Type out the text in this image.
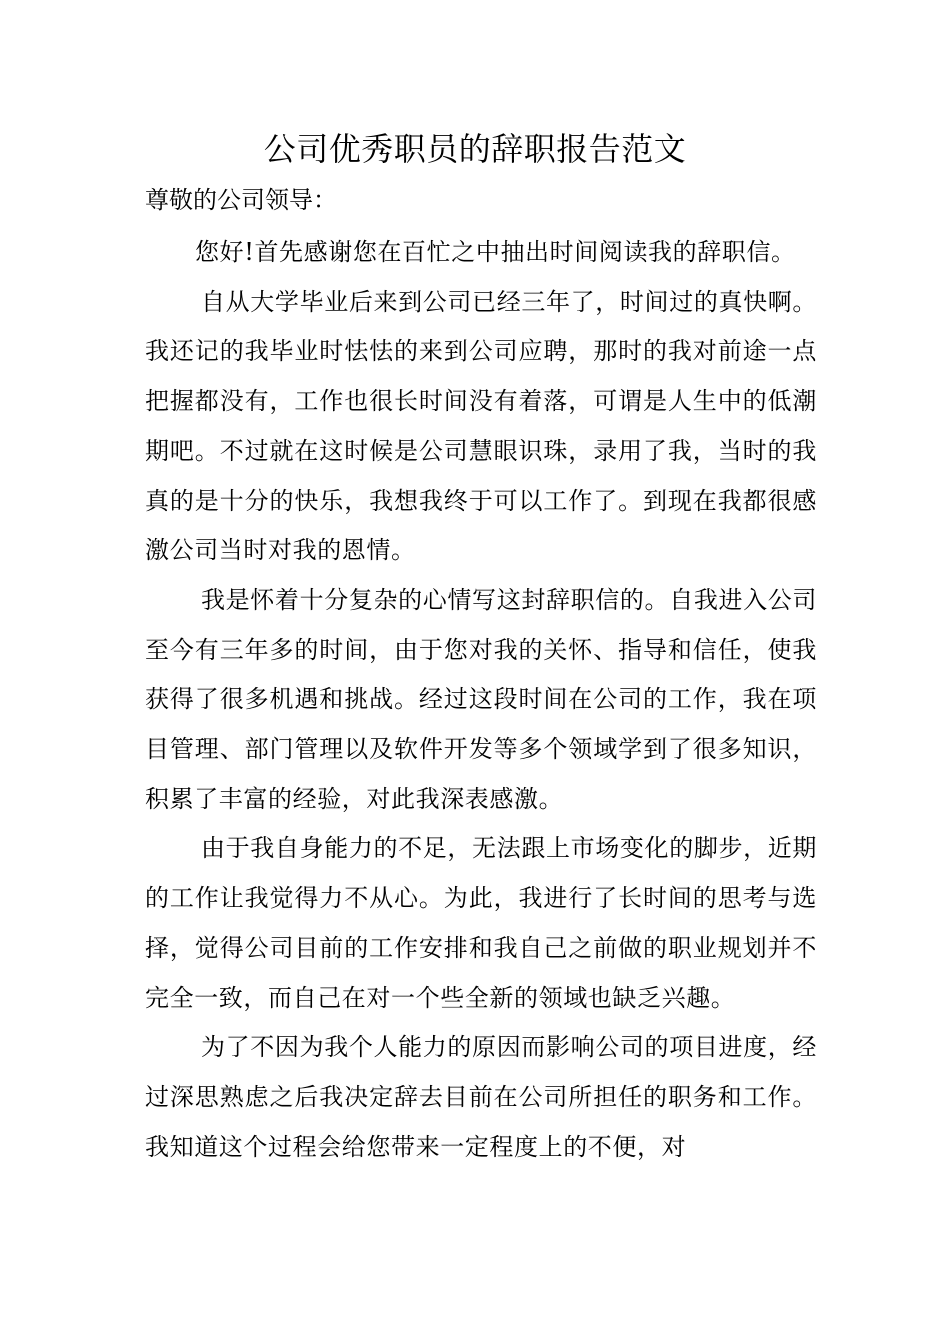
公司优秀职员的辞职报告范文

尊敬的公司领导：

您好!首先感谢您在百忙之中抽出时间阅读我的辞职信。

自从大学毕业后来到公司已经三年了，时间过的真快啊。我还记的我毕业时怯怯的来到公司应聘，那时的我对前途一点把握都没有，工作也很长时间没有着落，可谓是人生中的低潮期吧。不过就在这时候是公司慧眼识珠，录用了我，当时的我真的是十分的快乐，我想我终于可以工作了。到现在我都很感激公司当时对我的恩情。

我是怀着十分复杂的心情写这封辞职信的。自我进入公司至今有三年多的时间，由于您对我的关怀、指导和信任，使我获得了很多机遇和挑战。经过这段时间在公司的工作，我在项目管理、部门管理以及软件开发等多个领域学到了很多知识，积累了丰富的经验，对此我深表感激。

由于我自身能力的不足，无法跟上市场变化的脚步，近期的工作让我觉得力不从心。为此，我进行了长时间的思考与选择，觉得公司目前的工作安排和我自己之前做的职业规划并不完全一致，而自己在对一个些全新的领域也缺乏兴趣。

为了不因为我个人能力的原因而影响公司的项目进度，经过深思熟虑之后我决定辞去目前在公司所担任的职务和工作。我知道这个过程会给您带来一定程度上的不便，对
